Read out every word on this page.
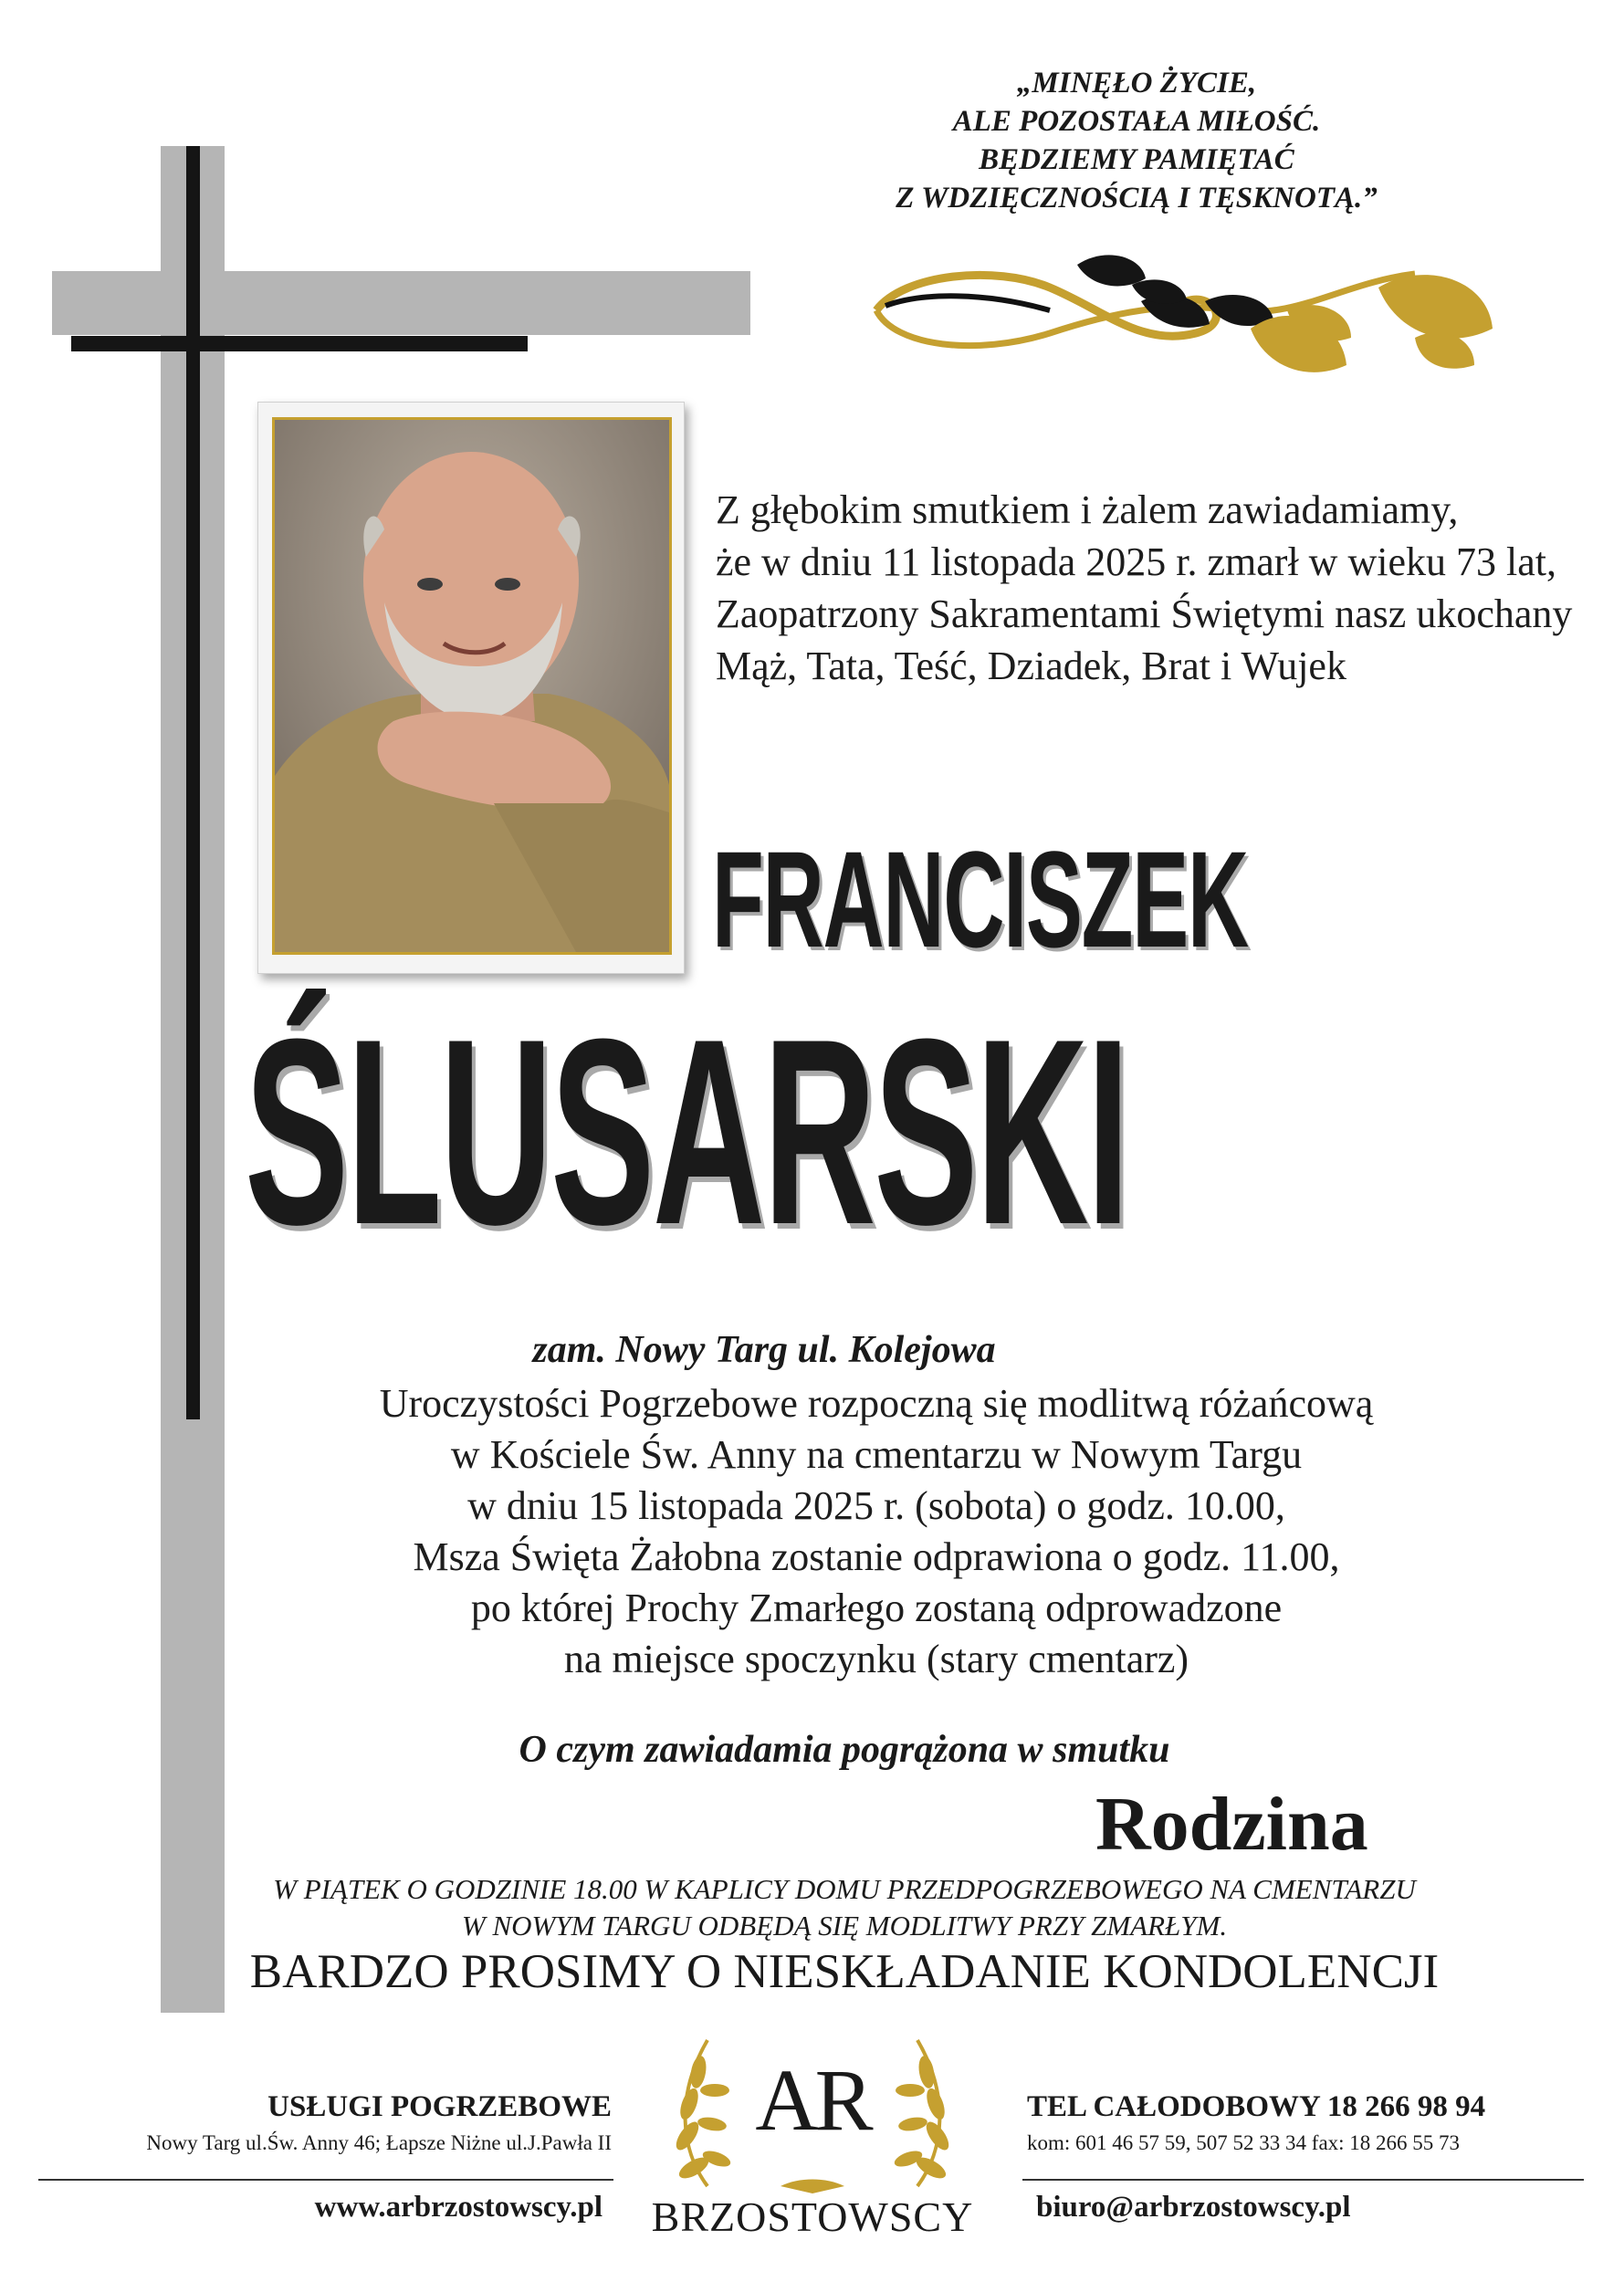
„MINĘŁO ŻYCIE,
ALE POZOSTAŁA MIŁOŚĆ.
BĘDZIEMY PAMIĘTAĆ
Z WDZIĘCZNOŚCIĄ I TĘSKNOTĄ.”
Z głębokim smutkiem i żalem zawiadamiamy,
że w dniu 11 listopada 2025 r. zmarł w wieku 73 lat,
Zaopatrzony Sakramentami Świętymi nasz ukochany
Mąż, Tata, Teść, Dziadek, Brat i Wujek
FRANCISZEK
ŚLUSARSKI
zam. Nowy Targ ul. Kolejowa
Uroczystości Pogrzebowe rozpoczną się modlitwą różańcową
w Kościele Św. Anny na cmentarzu w Nowym Targu
w dniu 15 listopada 2025 r. (sobota) o godz. 10.00,
Msza Święta Żałobna zostanie odprawiona o godz. 11.00,
po której Prochy Zmarłego zostaną odprowadzone
na miejsce spoczynku (stary cmentarz)
O czym zawiadamia pogrążona w smutku
Rodzina
W PIĄTEK O GODZINIE 18.00 W KAPLICY DOMU PRZEDPOGRZEBOWEGO NA CMENTARZU
W NOWYM TARGU ODBĘDĄ SIĘ MODLITWY PRZY ZMARŁYM.
BARDZO PROSIMY O NIESKŁADANIE KONDOLENCJI
USŁUGI POGRZEBOWE
Nowy Targ ul.Św. Anny 46; Łapsze Niżne ul.J.Pawła II
www.arbrzostowscy.pl
AR
BRZOSTOWSCY
TEL CAŁODOBOWY 18 266 98 94
kom: 601 46 57 59, 507 52 33 34 fax: 18 266 55 73
biuro@arbrzostowscy.pl
